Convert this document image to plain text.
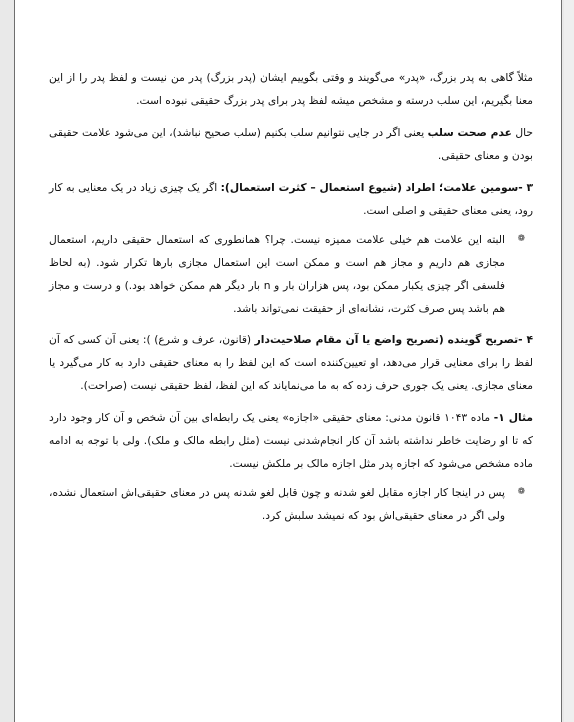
مثلاً گاهی به پدر بزرگ، «پدر» می‌گویند و وقتی بگوییم ایشان (پدر بزرگ) پدر من نیست و لفظ پدر را از این معنا بگیریم، این سلب درسته و مشخص میشه لفظ پدر برای پدر بزرگ حقیقی نبوده است.

حال عدم صحت سلب یعنی اگر در جایی نتوانیم سلب بکنیم (سلب صحیح نباشد)، این می‌شود علامت حقیقی بودن و معنای حقیقی.

۳ -سومین علامت؛ اطراد (شیوع استعمال – کثرت استعمال): اگر یک چیزی زیاد در یک معنایی به کار رود، یعنی معنای حقیقی و اصلی است.

❁
البته این علامت هم خیلی علامت ممیزه نیست. چرا؟ همانطوری که استعمال حقیقی داریم، استعمال مجازی هم داریم و مجاز هم است و ممکن است این استعمال مجازی بارها تکرار شود. (به لحاظ فلسفی اگر چیزی یکبار ممکن بود، پس هزاران بار و n بار دیگر هم ممکن خواهد بود.) و درست و مجاز هم باشد پس صرف کثرت، نشانه‌ای از حقیقت نمی‌تواند باشد.

۴ -تصریح گوینده (تصریح واضع یا آن مقام صلاحیت‌دار (قانون، عرف و شرع) ): یعنی آن کسی که آن لفظ را برای معنایی قرار می‌دهد، او تعیین‌کننده است که این لفظ را به معنای حقیقی دارد به کار می‌گیرد یا معنای مجازی. یعنی یک جوری حرف زده که به ما می‌نمایاند که این لفظ، لفظ حقیقی نیست (صراحت).

مثال ۱- ماده ۱۰۴۳ قانون مدنی: معنای حقیقی «اجازه» یعنی یک رابطه‌ای بین آن شخص و آن کار وجود دارد که تا او رضایت خاطر نداشته باشد آن کار انجام‌شدنی نیست (مثل رابطه مالک و ملک). ولی با توجه به ادامه ماده مشخص می‌شود که اجازه پدر مثل اجازه مالک بر ملکش نیست.

❁
پس در اینجا کار اجازه مقابل لغو شدنه و چون قابل لغو شدنه پس در معنای حقیقی‌اش استعمال نشده، ولی اگر در معنای حقیقی‌اش بود که نمیشد سلبش کرد.
